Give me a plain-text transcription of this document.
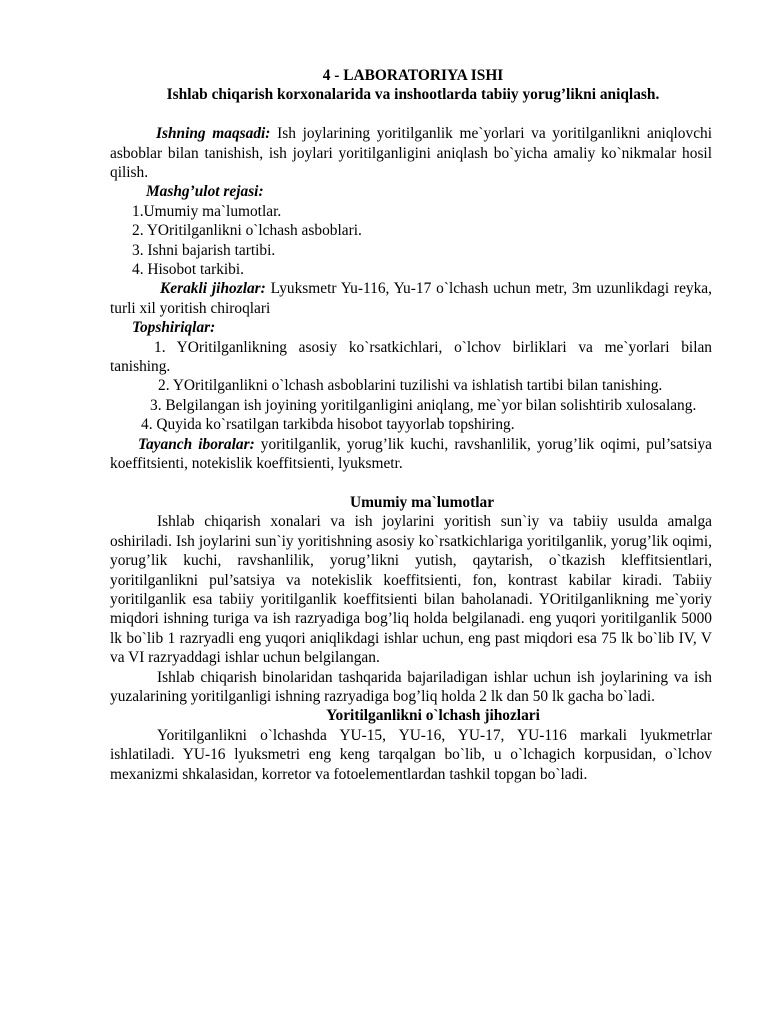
4 - LABORATORIYA ISHI
Ishlab chiqarish korxonalarida va inshootlarda tabiiy yorug’likni aniqlash.

Ishning maqsadi: Ish joylarining yoritilganlik me`yorlari va yoritilganlikni aniqlovchi asboblar bilan tanishish, ish joylari yoritilganligini aniqlash bo`yicha amaliy ko`nikmalar hosil qilish.

Mashg’ulot rejasi:

1.Umumiy ma`lumotlar.

2. YOritilganlikni o`lchash asboblari.

3. Ishni bajarish tartibi.

4. Hisobot tarkibi.

Kerakli jihozlar: Lyuksmetr Yu-116, Yu-17 o`lchash uchun metr, 3m uzunlikdagi reyka, turli xil yoritish chiroqlari

Topshiriqlar:

1. YOritilganlikning asosiy ko`rsatkichlari, o`lchov birliklari va me`yorlari bilan tanishing.

2. YOritilganlikni o`lchash asboblarini tuzilishi va ishlatish tartibi bilan tanishing.

3. Belgilangan ish joyining yoritilganligini aniqlang, me`yor bilan solishtirib xulosalang.

4. Quyida ko`rsatilgan tarkibda hisobot tayyorlab topshiring.

Tayanch iboralar: yoritilganlik, yorug’lik kuchi, ravshanlilik, yorug’lik oqimi, pul’satsiya koeffitsienti, notekislik koeffitsienti, lyuksmetr.

Umumiy ma`lumotlar

Ishlab chiqarish xonalari va ish joylarini yoritish sun`iy va tabiiy usulda amalga oshiriladi. Ish joylarini sun`iy yoritishning asosiy ko`rsatkichlariga yoritilganlik, yorug’lik oqimi, yorug’lik kuchi, ravshanlilik, yorug’likni yutish, qaytarish, o`tkazish kleffitsientlari, yoritilganlikni pul’satsiya va notekislik koeffitsienti, fon, kontrast kabilar kiradi. Tabiiy yoritilganlik esa tabiiy yoritilganlik koeffitsienti bilan baholanadi. YOritilganlikning me`yoriy miqdori ishning turiga va ish razryadiga bog’liq holda belgilanadi. eng yuqori yoritilganlik 5000 lk bo`lib 1 razryadli eng yuqori aniqlikdagi ishlar uchun, eng past miqdori esa 75 lk bo`lib IV, V va VI razryaddagi ishlar uchun belgilangan.

Ishlab chiqarish binolaridan tashqarida bajariladigan ishlar uchun ish joylarining va ish yuzalarining yoritilganligi ishning razryadiga bog’liq holda 2 lk dan 50 lk gacha bo`ladi.

Yoritilganlikni o`lchash jihozlari

Yoritilganlikni o`lchashda YU-15, YU-16, YU-17, YU-116 markali lyukmetrlar ishlatiladi. YU-16 lyuksmetri eng keng tarqalgan bo`lib, u o`lchagich korpusidan, o`lchov mexanizmi shkalasidan, korretor va fotoelementlardan tashkil topgan bo`ladi.
